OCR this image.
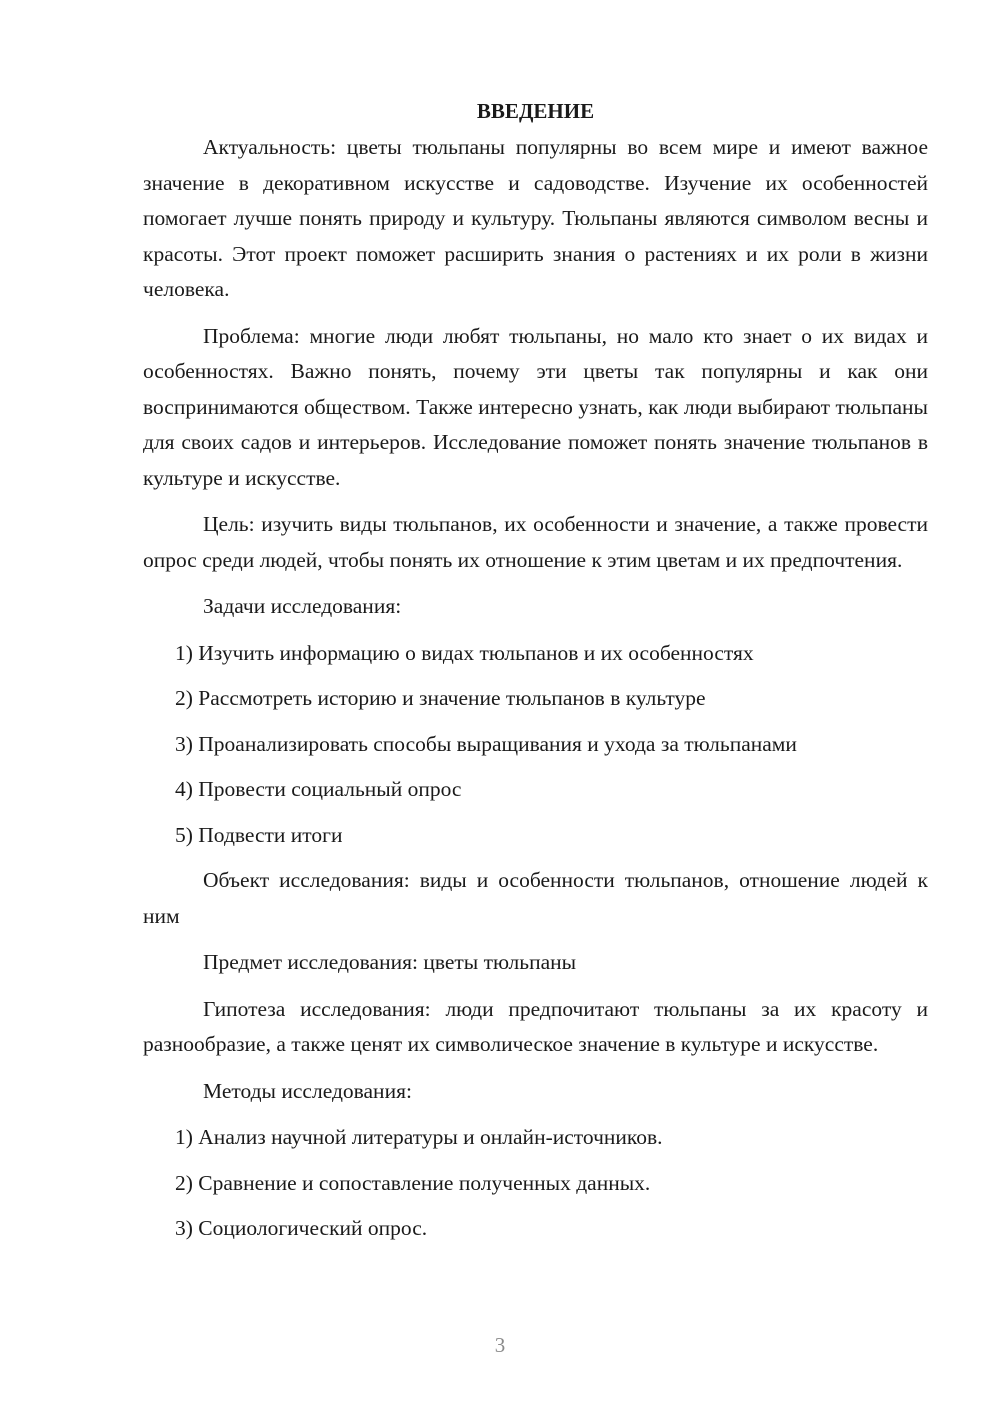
ВВЕДЕНИЕ

Актуальность: цветы тюльпаны популярны во всем мире и имеют важное значение в декоративном искусстве и садоводстве. Изучение их особенностей помогает лучше понять природу и культуру. Тюльпаны являются символом весны и красоты. Этот проект поможет расширить знания о растениях и их роли в жизни человека.

Проблема: многие люди любят тюльпаны, но мало кто знает о их видах и особенностях. Важно понять, почему эти цветы так популярны и как они воспринимаются обществом. Также интересно узнать, как люди выбирают тюльпаны для своих садов и интерьеров. Исследование поможет понять значение тюльпанов в культуре и искусстве.

Цель: изучить виды тюльпанов, их особенности и значение, а также провести опрос среди людей, чтобы понять их отношение к этим цветам и их предпочтения.

Задачи исследования:

1) Изучить информацию о видах тюльпанов и их особенностях
2) Рассмотреть историю и значение тюльпанов в культуре
3) Проанализировать способы выращивания и ухода за тюльпанами
4) Провести социальный опрос
5) Подвести итоги

Объект исследования: виды и особенности тюльпанов, отношение людей к ним

Предмет исследования: цветы тюльпаны

Гипотеза исследования: люди предпочитают тюльпаны за их красоту и разнообразие, а также ценят их символическое значение в культуре и искусстве.

Методы исследования:

1) Анализ научной литературы и онлайн-источников.
2) Сравнение и сопоставление полученных данных.
3) Социологический опрос.
3
